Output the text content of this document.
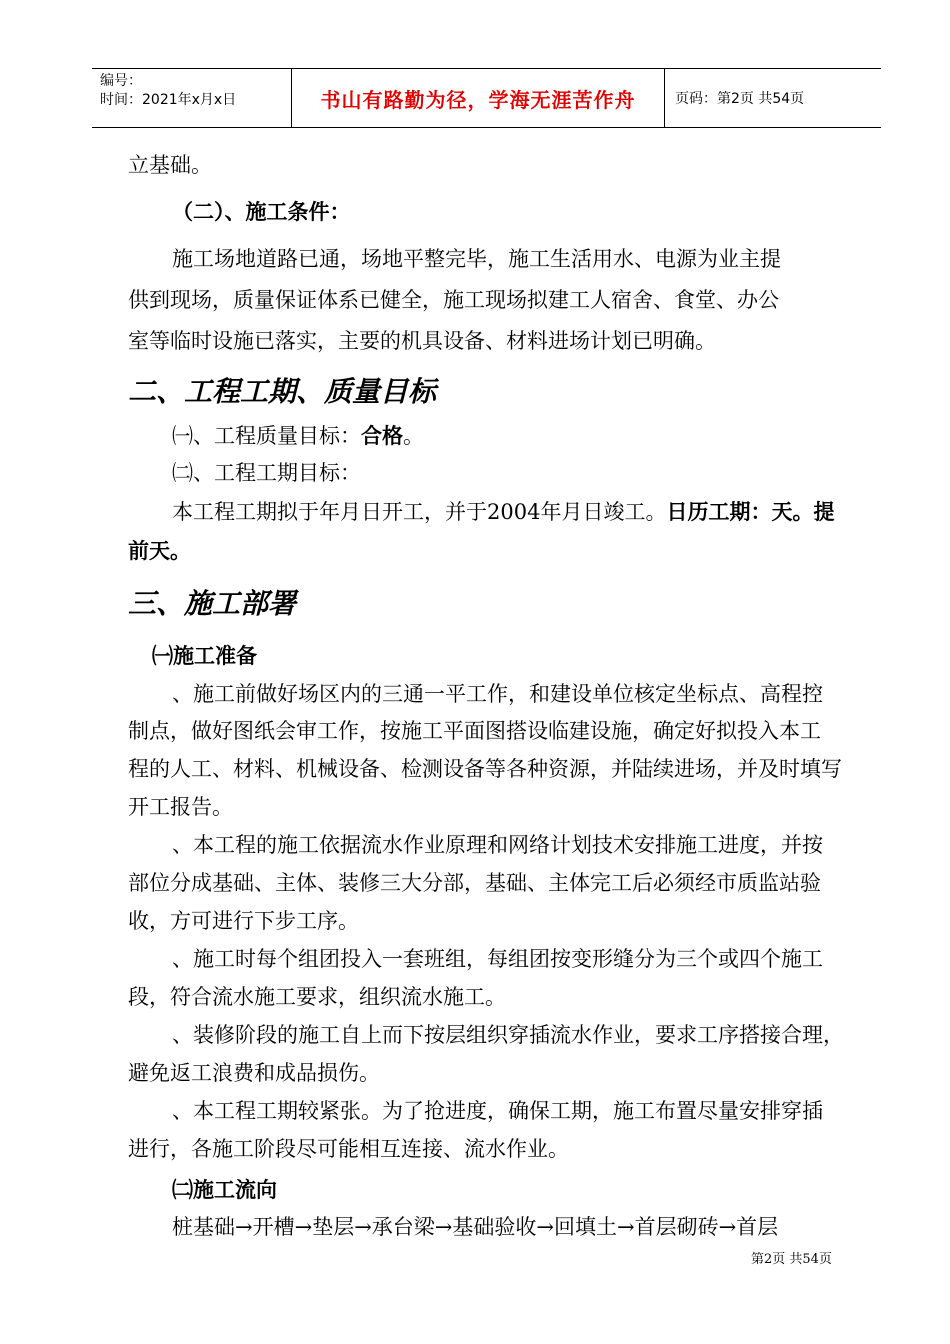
编号：
时间：2021年x月x日	书山有路勤为径，学海无涯苦作舟	页码：第2页 共54页
立基础。
（二）、施工条件：
施工场地道路已通，场地平整完毕，施工生活用水、电源为业主提
供到现场，质量保证体系已健全，施工现场拟建工人宿舍、食堂、办公
室等临时设施已落实，主要的机具设备、材料进场计划已明确。
二、工程工期、质量目标
㈠、工程质量目标：合格。
㈡、工程工期目标：
本工程工期拟于年月日开工，并于2004年月日竣工。日历工期：天。提
前天。
三、施工部署
㈠施工准备
、施工前做好场区内的三通一平工作，和建设单位核定坐标点、高程控
制点，做好图纸会审工作，按施工平面图搭设临建设施，确定好拟投入本工
程的人工、材料、机械设备、检测设备等各种资源，并陆续进场，并及时填写
开工报告。
、本工程的施工依据流水作业原理和网络计划技术安排施工进度，并按
部位分成基础、主体、装修三大分部，基础、主体完工后必须经市质监站验
收，方可进行下步工序。
、施工时每个组团投入一套班组，每组团按变形缝分为三个或四个施工
段，符合流水施工要求，组织流水施工。
、装修阶段的施工自上而下按层组织穿插流水作业，要求工序搭接合理，
避免返工浪费和成品损伤。
、本工程工期较紧张。为了抢进度，确保工期，施工布置尽量安排穿插
进行，各施工阶段尽可能相互连接、流水作业。
㈡施工流向
桩基础→开槽→垫层→承台梁→基础验收→回填土→首层砌砖→首层
第2页 共54页
